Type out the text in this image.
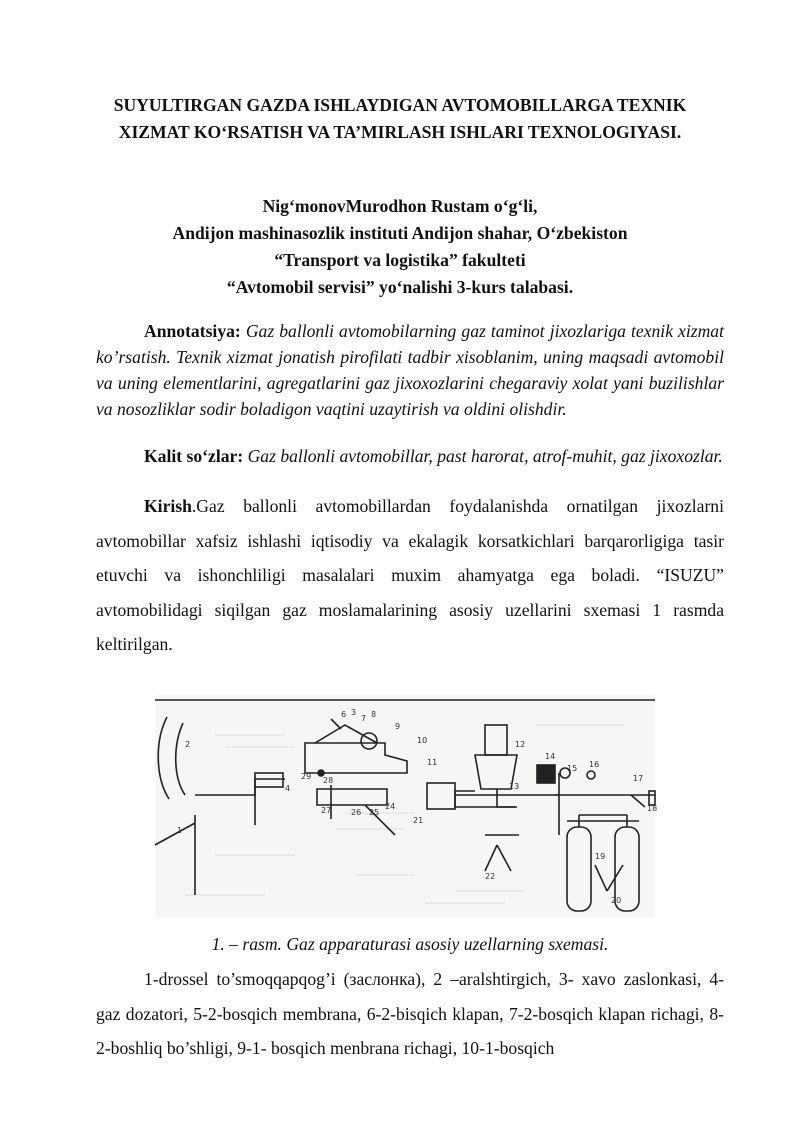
SUYULTIRGAN GAZDA ISHLAYDIGAN AVTOMOBILLARGA TEXNIK
XIZMAT KO‘RSATISH VA TA’MIRLASH ISHLARI TEXNOLOGIYASI.
Nig‘monovMurodhon Rustam o‘g‘li,
Andijon mashinasozlik instituti Andijon shahar, O‘zbekiston
“Transport va logistika” fakulteti
“Avtomobil servisi” yo‘nalishi 3-kurs talabasi.
Annotatsiya: Gaz ballonli avtomobilarning gaz taminot jixozlariga texnik xizmat ko’rsatish. Texnik xizmat jonatish pirofilati tadbir xisoblanim, uning maqsadi avtomobil va uning elementlarini, agregatlarini gaz jixoxozlarini chegaraviy xolat yani buzilishlar va nosozliklar sodir boladigon vaqtini uzaytirish va oldini olishdir.
Kalit so‘zlar: Gaz ballonli avtomobillar, past harorat, atrof-muhit, gaz jixoxozlar.
Kirish.Gaz ballonli avtomobillardan foydalanishda ornatilgan jixozlarni avtomobillar xafsiz ishlashi iqtisodiy va ekalagik korsatkichlari barqarorligiga tasir etuvchi va ishonchliligi masalalari muxim ahamyatga ega boladi. “ISUZU” avtomobilidagi siqilgan gaz moslamalarining asosiy uzellarini sxemasi 1 rasmda keltirilgan.
1
2
3
4
6 7 8
9
10
11
12
13
14
15 16
17
18
19
20
21
22
24
25
26
27
28
29
1. – rasm. Gaz apparaturasi asosiy uzellarning sxemasi.
1-drossel to’smoqqapqog’i (заслонка), 2 –aralshtirgich, 3- xavo zaslonkasi, 4- gaz dozatori, 5-2-bosqich membrana, 6-2-bisqich klapan, 7-2-bosqich klapan richagi, 8-2-boshliq bo’shligi, 9-1- bosqich menbrana richagi, 10-1-bosqich
